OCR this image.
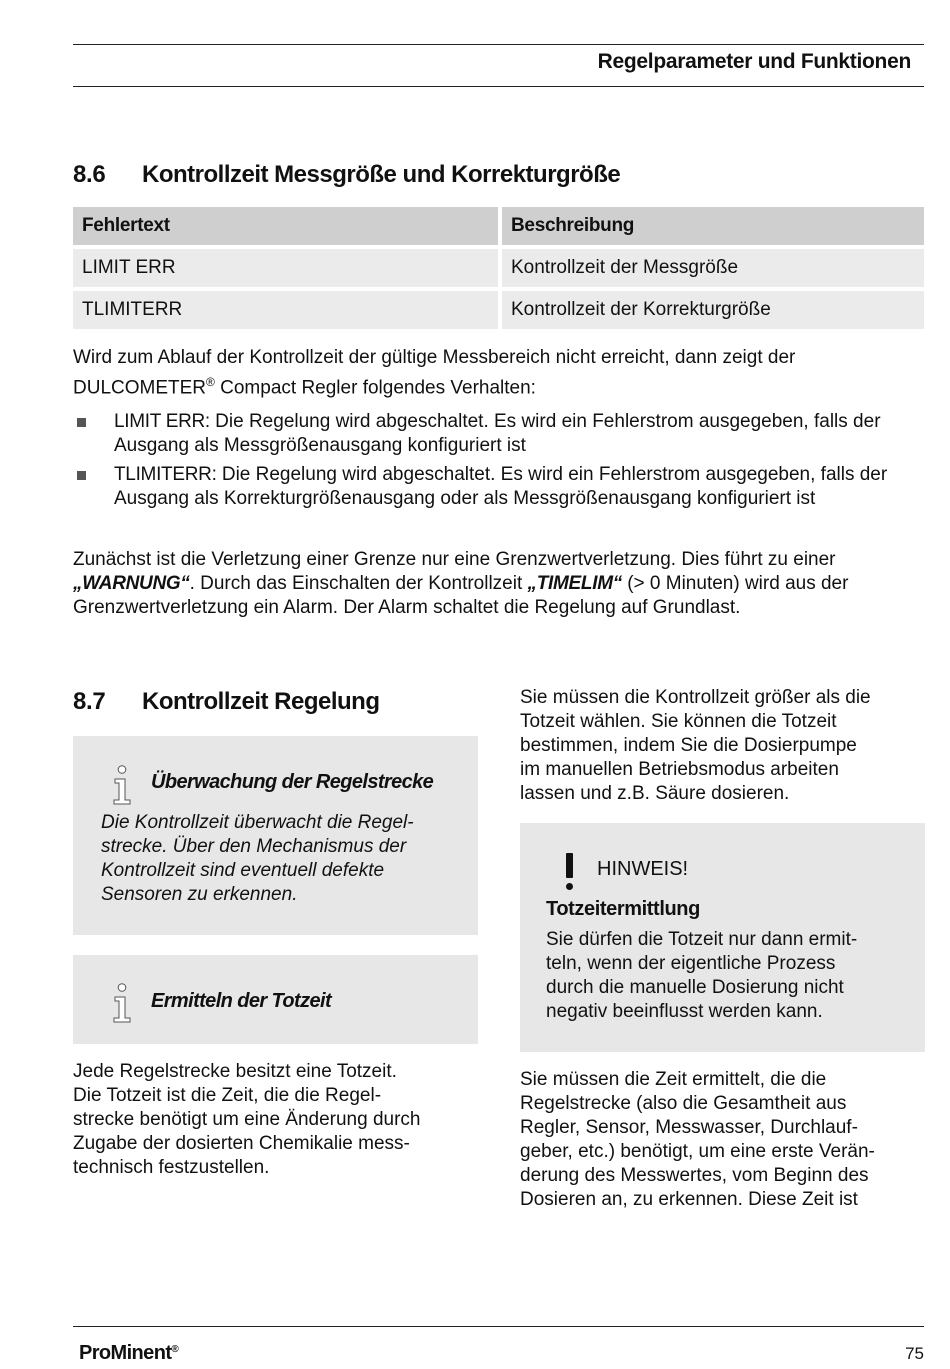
Regelparameter und Funktionen
8.6 Kontrollzeit Messgröße und Korrekturgröße
Fehlertext	Beschreibung
LIMIT ERR	Kontrollzeit der Messgröße
TLIMITERR	Kontrollzeit der Korrekturgröße
Wird zum Ablauf der Kontrollzeit der gültige Messbereich nicht erreicht, dann zeigt der
DULCOMETER® Compact Regler folgendes Verhalten:
LIMIT ERR: Die Regelung wird abgeschaltet. Es wird ein Fehlerstrom ausgegeben, falls der Ausgang als Messgrößenausgang konfiguriert ist
TLIMITERR: Die Regelung wird abgeschaltet. Es wird ein Fehlerstrom ausgegeben, falls der Ausgang als Korrekturgrößenausgang oder als Messgrößenausgang konfiguriert ist
Zunächst ist die Verletzung einer Grenze nur eine Grenzwertverletzung. Dies führt zu einer „WARNUNG“. Durch das Einschalten der Kontrollzeit „TIMELIM“ (> 0 Minuten) wird aus der Grenzwertverletzung ein Alarm. Der Alarm schaltet die Regelung auf Grundlast.
8.7 Kontrollzeit Regelung
Überwachung der Regelstrecke
Die Kontrollzeit überwacht die Regel-
strecke. Über den Mechanismus der
Kontrollzeit sind eventuell defekte
Sensoren zu erkennen.
Ermitteln der Totzeit
Jede Regelstrecke besitzt eine Totzeit.
Die Totzeit ist die Zeit, die die Regel-
strecke benötigt um eine Änderung durch
Zugabe der dosierten Chemikalie mess-
technisch festzustellen.
Sie müssen die Kontrollzeit größer als die
Totzeit wählen. Sie können die Totzeit
bestimmen, indem Sie die Dosierpumpe
im manuellen Betriebsmodus arbeiten
lassen und z.B. Säure dosieren.
HINWEIS!
Totzeitermittlung
Sie dürfen die Totzeit nur dann ermit-
teln, wenn der eigentliche Prozess
durch die manuelle Dosierung nicht
negativ beeinflusst werden kann.
Sie müssen die Zeit ermittelt, die die
Regelstrecke (also die Gesamtheit aus
Regler, Sensor, Messwasser, Durchlauf-
geber, etc.) benötigt, um eine erste Verän-
derung des Messwertes, vom Beginn des
Dosieren an, zu erkennen. Diese Zeit ist
ProMinent®	75
